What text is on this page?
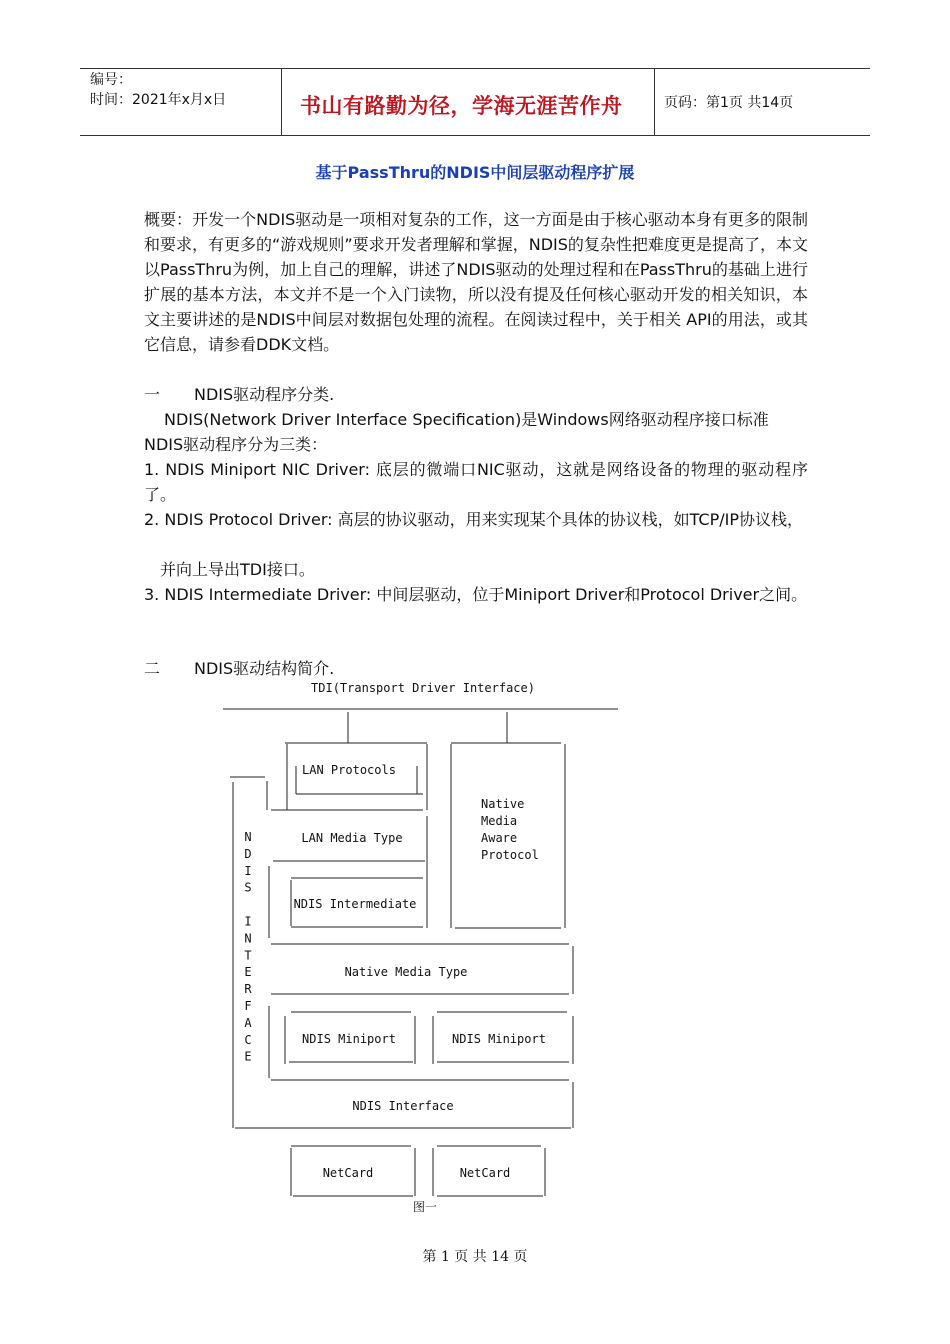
编号：
时间：2021年x月x日	书山有路勤为径，学海无涯苦作舟	页码：第1页 共14页
基于PassThru的NDIS中间层驱动程序扩展
概要：开发一个NDIS驱动是一项相对复杂的工作，这一方面是由于核心驱动本身有更多的限制和要求，有更多的“游戏规则”要求开发者理解和掌握，NDIS的复杂性把难度更是提高了，本文以PassThru为例，加上自己的理解，讲述了NDIS驱动的处理过程和在PassThru的基础上进行扩展的基本方法，本文并不是一个入门读物，所以没有提及任何核心驱动开发的相关知识，本文主要讲述的是NDIS中间层对数据包处理的流程。在阅读过程中，关于相关 API的用法，或其它信息，请参看DDK文档。
一 NDIS驱动程序分类.
NDIS(Network Driver Interface Specification)是Windows网络驱动程序接口标准
NDIS驱动程序分为三类：
1. NDIS Miniport NIC Driver: 底层的微端口NIC驱动，这就是网络设备的物理的驱动程序了。
2. NDIS Protocol Driver: 高层的协议驱动，用来实现某个具体的协议栈，如TCP/IP协议栈，
并向上导出TDI接口。
3. NDIS Intermediate Driver: 中间层驱动，位于Miniport Driver和Protocol Driver之间。
二 NDIS驱动结构简介.
TDI(Transport Driver Interface)
LAN Protocols
Native
Media
Aware
Protocol
LAN Media Type
NDIS Intermediate
Native Media Type
NDIS Miniport	NDIS Miniport
NDIS Interface
NetCard	NetCard
图一
N
D
I
S
I
N
T
E
R
F
A
C
E
第 1 页 共 14 页
